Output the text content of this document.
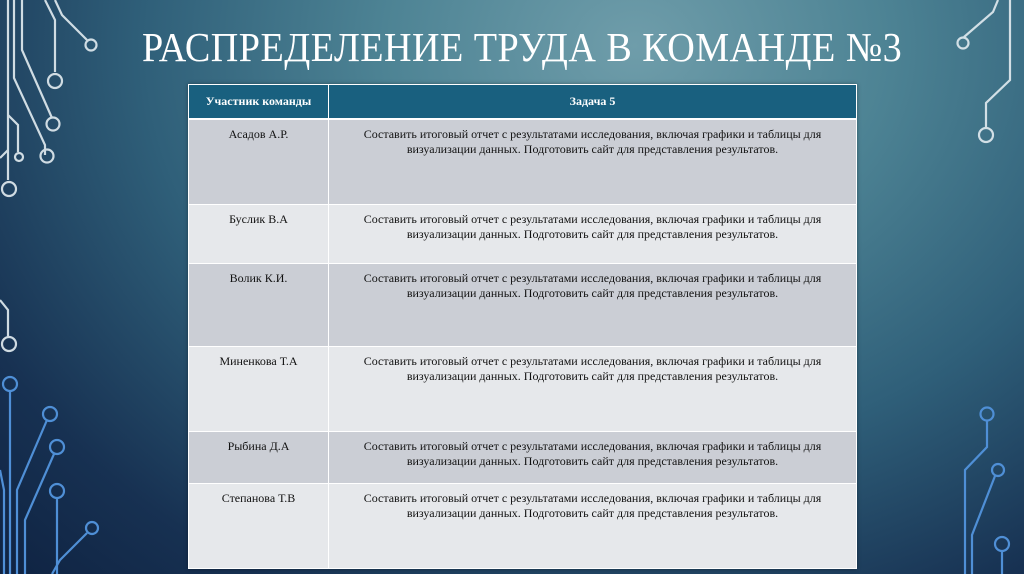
РАСПРЕДЕЛЕНИЕ ТРУДА В КОМАНДЕ №3
Участник команды	Задача 5
Асадов А.Р.	Составить итоговый отчет с результатами исследования, включая графики и таблицы для визуализации данных. Подготовить сайт для представления результатов.
Буслик В.А	Составить итоговый отчет с результатами исследования, включая графики и таблицы для визуализации данных. Подготовить сайт для представления результатов.
Волик К.И.	Составить итоговый отчет с результатами исследования, включая графики и таблицы для визуализации данных. Подготовить сайт для представления результатов.
Миненкова Т.А	Составить итоговый отчет с результатами исследования, включая графики и таблицы для визуализации данных. Подготовить сайт для представления результатов.
Рыбина Д.А	Составить итоговый отчет с результатами исследования, включая графики и таблицы для визуализации данных. Подготовить сайт для представления результатов.
Степанова Т.В	Составить итоговый отчет с результатами исследования, включая графики и таблицы для визуализации данных. Подготовить сайт для представления результатов.
